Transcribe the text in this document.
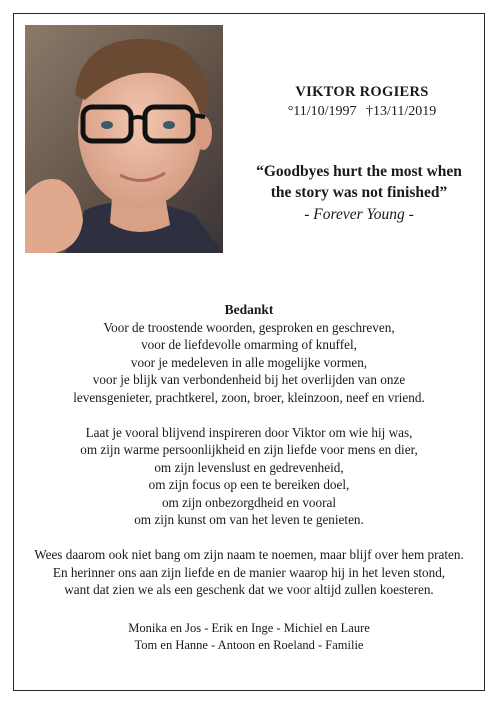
VIKTOR ROGIERS
°11/10/1997 †13/11/2019
“Goodbyes hurt the most when
the story was not finished”
- Forever Young -
Bedankt

Voor de troostende woorden, gesproken en geschreven,
voor de liefdevolle omarming of knuffel,
voor je medeleven in alle mogelijke vormen,
voor je blijk van verbondenheid bij het overlijden van onze
levensgenieter, prachtkerel, zoon, broer, kleinzoon, neef en vriend.

Laat je vooral blijvend inspireren door Viktor om wie hij was,
om zijn warme persoonlijkheid en zijn liefde voor mens en dier,
om zijn levenslust en gedrevenheid,
om zijn focus op een te bereiken doel,
om zijn onbezorgdheid en vooral
om zijn kunst om van het leven te genieten.

Wees daarom ook niet bang om zijn naam te noemen, maar blijf over hem praten.
En herinner ons aan zijn liefde en de manier waarop hij in het leven stond,
want dat zien we als een geschenk dat we voor altijd zullen koesteren.

Monika en Jos - Erik en Inge - Michiel en Laure
Tom en Hanne - Antoon en Roeland - Familie
